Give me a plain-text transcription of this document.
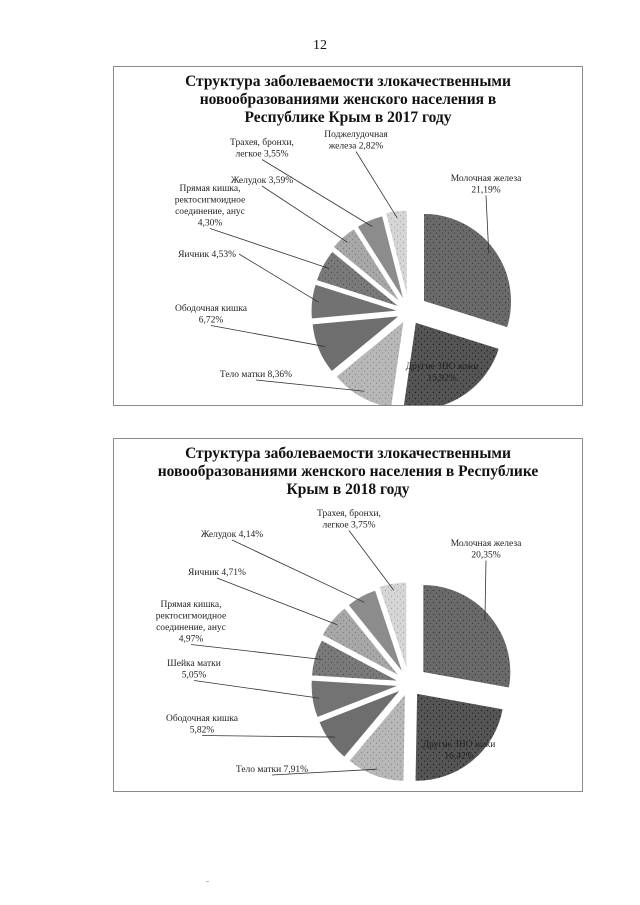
12
Структура заболеваемости злокачественными
новообразованиями женского населения в
Республике Крым в 2017 году
Молочная железа 21,19%
Другие ЗНО кожи 15,92%
Тело матки 8,36%
Ободочная кишка 6,72%
Яичник 4,53%
Прямая кишка, ректосигмоидное соединение, анус 4,30%
Желудок 3,59%
Трахея, бронхи, легкое 3,55%
Поджелудочная железа 2,82%
Структура заболеваемости злокачественными
новообразованиями женского населения в Республике
Крым в 2018 году
Молочная железа 20,35%
Другие ЗНО кожи 16,42%
Тело матки 7,91%
Ободочная кишка 5,82%
Шейка матки 5,05%
Прямая кишка, ректосигмоидное соединение, анус 4,97%
Яичник 4,71%
Желудок 4,14%
Трахея, бронхи, легкое 3,75%
